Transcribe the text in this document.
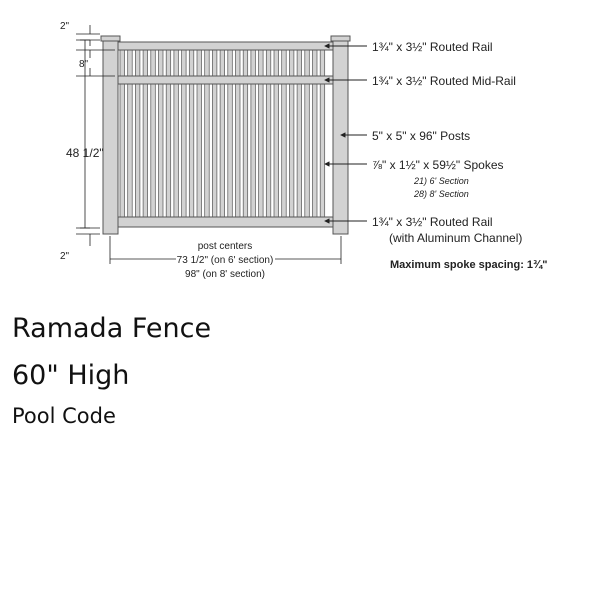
2"
8"
48 1/2"
2"
post centers
73 1/2" (on 6' section)
98" (on 8' section)
1¾" x 3½" Routed Rail
1¾" x 3½" Routed Mid-Rail
5" x 5" x 96" Posts
⅞" x 1½" x 59½" Spokes
21) 6' Section
28) 8' Section
1¾" x 3½" Routed Rail
(with Aluminum Channel)
Maximum spoke spacing: 1¾"
Ramada Fence
60" High
Pool Code
